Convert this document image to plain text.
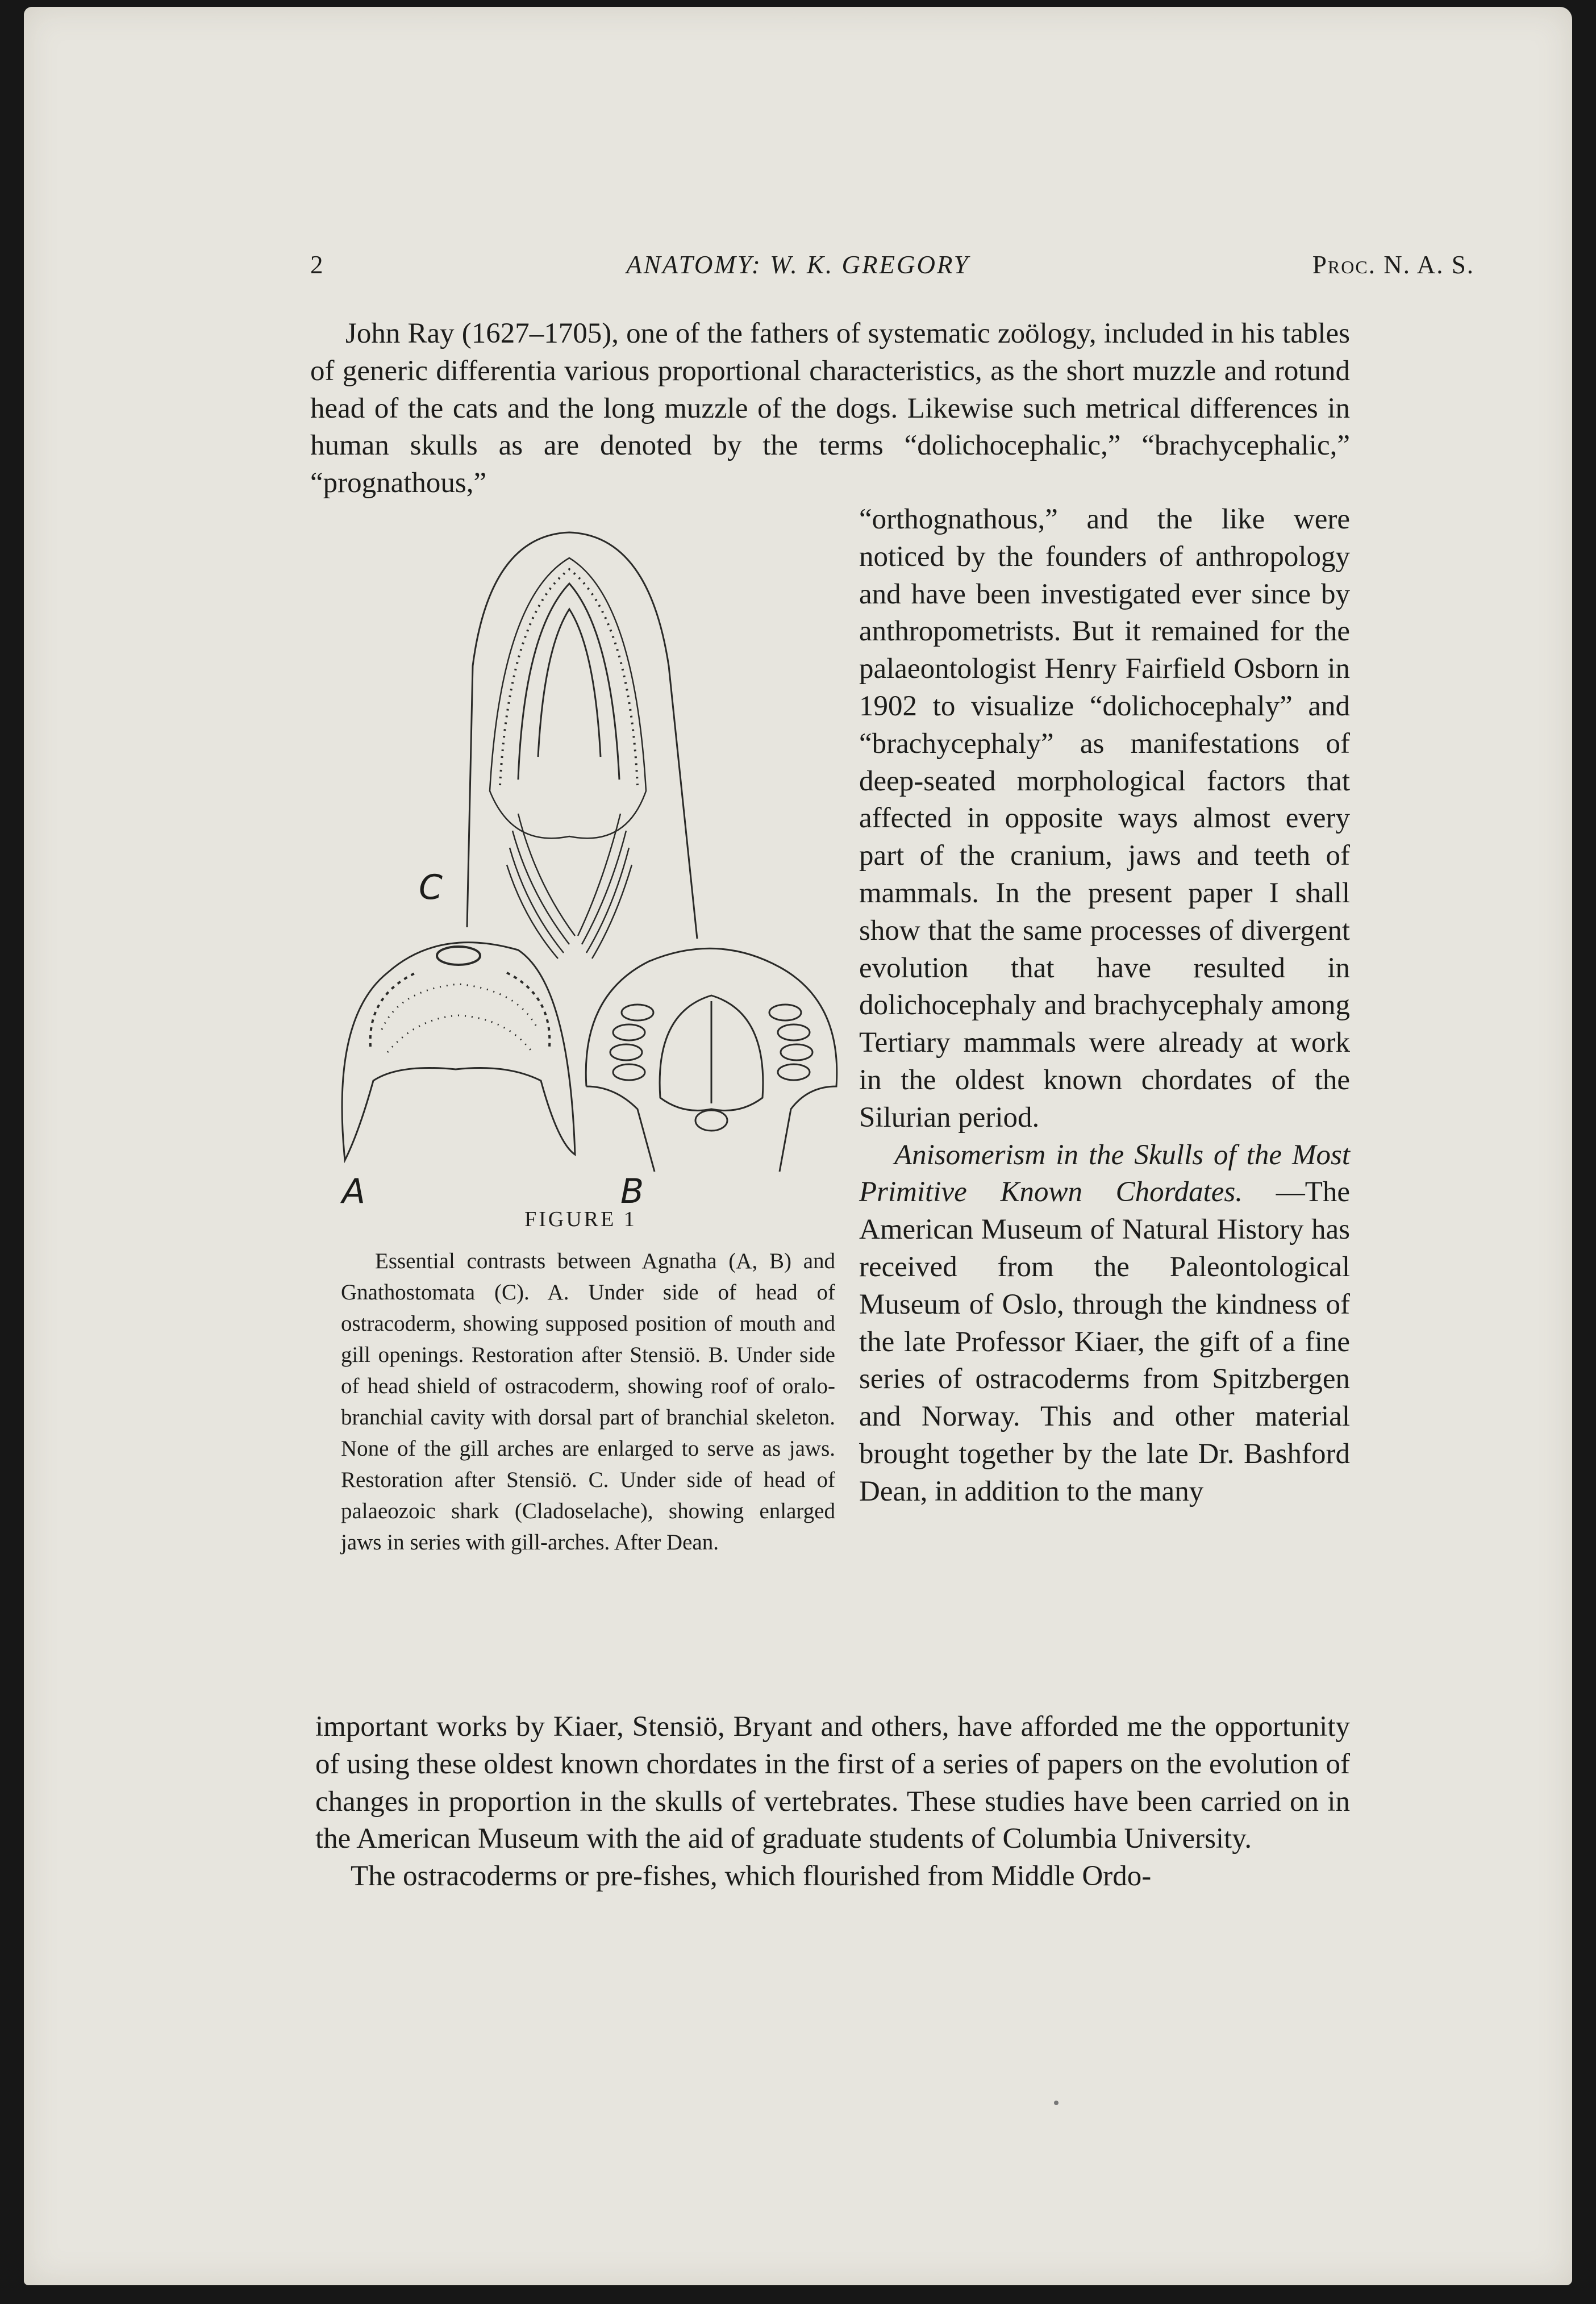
2	ANATOMY: W. K. GREGORY	Proc. N. A. S.
John Ray (1627–1705), one of the fathers of systematic zoölogy, included in his tables of generic differentia various proportional characteristics, as the short muzzle and rotund head of the cats and the long muzzle of the dogs. Likewise such metrical differences in human skulls as are denoted by the terms “dolichocephalic,” “brachycephalic,” “prognathous,”

“orthognathous,” and the like were noticed by the founders of anthropology and have been investigated ever since by anthropometrists. But it remained for the palaeontologist Henry Fairfield Osborn in 1902 to visualize “dolichocephaly” and “brachycephaly” as manifestations of deep-seated morphological factors that affected in opposite ways almost every part of the cranium, jaws and teeth of mammals. In the present paper I shall show that the same processes of divergent evolution that have resulted in dolichocephaly and brachycephaly among Tertiary mammals were already at work in the oldest known chordates of the Silurian period.

Anisomerism in the Skulls of the Most Primitive Known Chordates. —The American Museum of Natural History has received from the Paleontological Museum of Oslo, through the kindness of the late Professor Kiaer, the gift of a fine series of ostracoderms from Spitzbergen and Norway. This and other material brought together by the late Dr. Bashford Dean, in addition to the many

C
A	B
FIGURE 1
Essential contrasts between Agnatha (A, B) and Gnathostomata (C). A. Under side of head of ostracoderm, showing supposed position of mouth and gill openings. Restoration after Stensiö. B. Under side of head shield of ostracoderm, showing roof of oralo-branchial cavity with dorsal part of branchial skeleton. None of the gill arches are enlarged to serve as jaws. Restoration after Stensiö. C. Under side of head of palaeozoic shark (Cladoselache), showing enlarged jaws in series with gill-arches. After Dean.

important works by Kiaer, Stensiö, Bryant and others, have afforded me the opportunity of using these oldest known chordates in the first of a series of papers on the evolution of changes in proportion in the skulls of vertebrates. These studies have been carried on in the American Museum with the aid of graduate students of Columbia University.

The ostracoderms or pre-fishes, which flourished from Middle Ordo-
